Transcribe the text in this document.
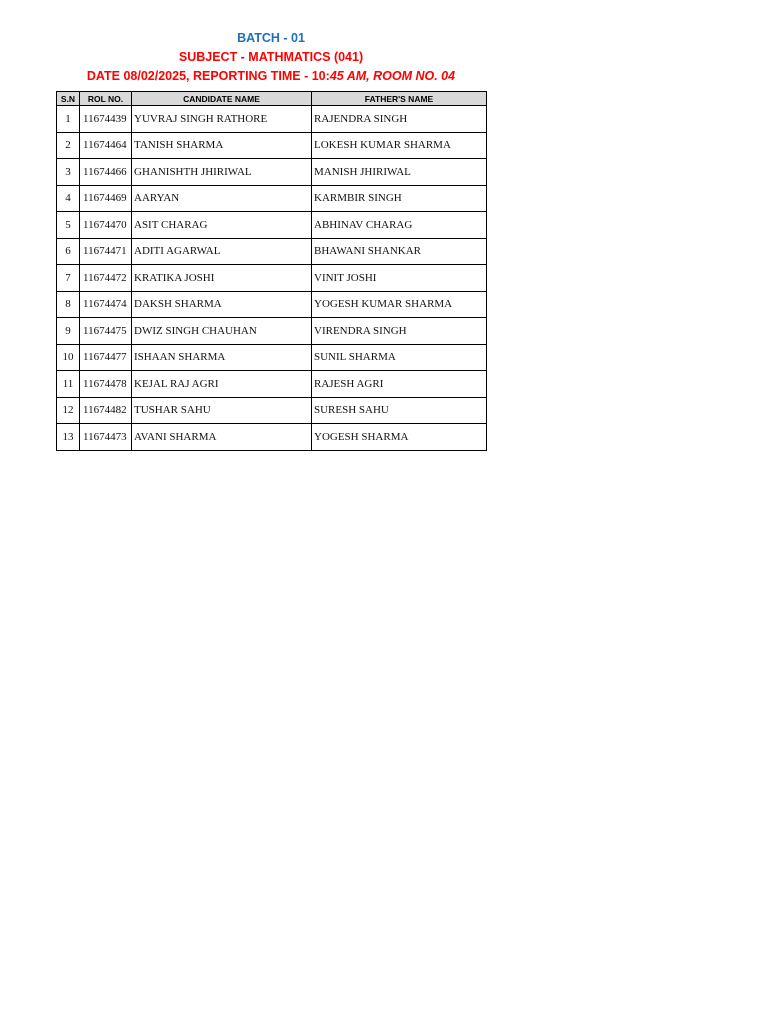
BATCH - 01
SUBJECT - MATHMATICS (041)
DATE 08/02/2025, REPORTING TIME - 10:45 AM, ROOM NO. 04
S.N	ROL NO.	CANDIDATE NAME	FATHER'S NAME
1	11674439	YUVRAJ SINGH RATHORE	RAJENDRA SINGH
2	11674464	TANISH SHARMA	LOKESH KUMAR SHARMA
3	11674466	GHANISHTH JHIRIWAL	MANISH JHIRIWAL
4	11674469	AARYAN	KARMBIR SINGH
5	11674470	ASIT CHARAG	ABHINAV CHARAG
6	11674471	ADITI AGARWAL	BHAWANI SHANKAR
7	11674472	KRATIKA JOSHI	VINIT JOSHI
8	11674474	DAKSH SHARMA	YOGESH KUMAR SHARMA
9	11674475	DWIZ SINGH CHAUHAN	VIRENDRA SINGH
10	11674477	ISHAAN SHARMA	SUNIL SHARMA
11	11674478	KEJAL RAJ AGRI	RAJESH AGRI
12	11674482	TUSHAR SAHU	SURESH SAHU
13	11674473	AVANI SHARMA	YOGESH SHARMA
